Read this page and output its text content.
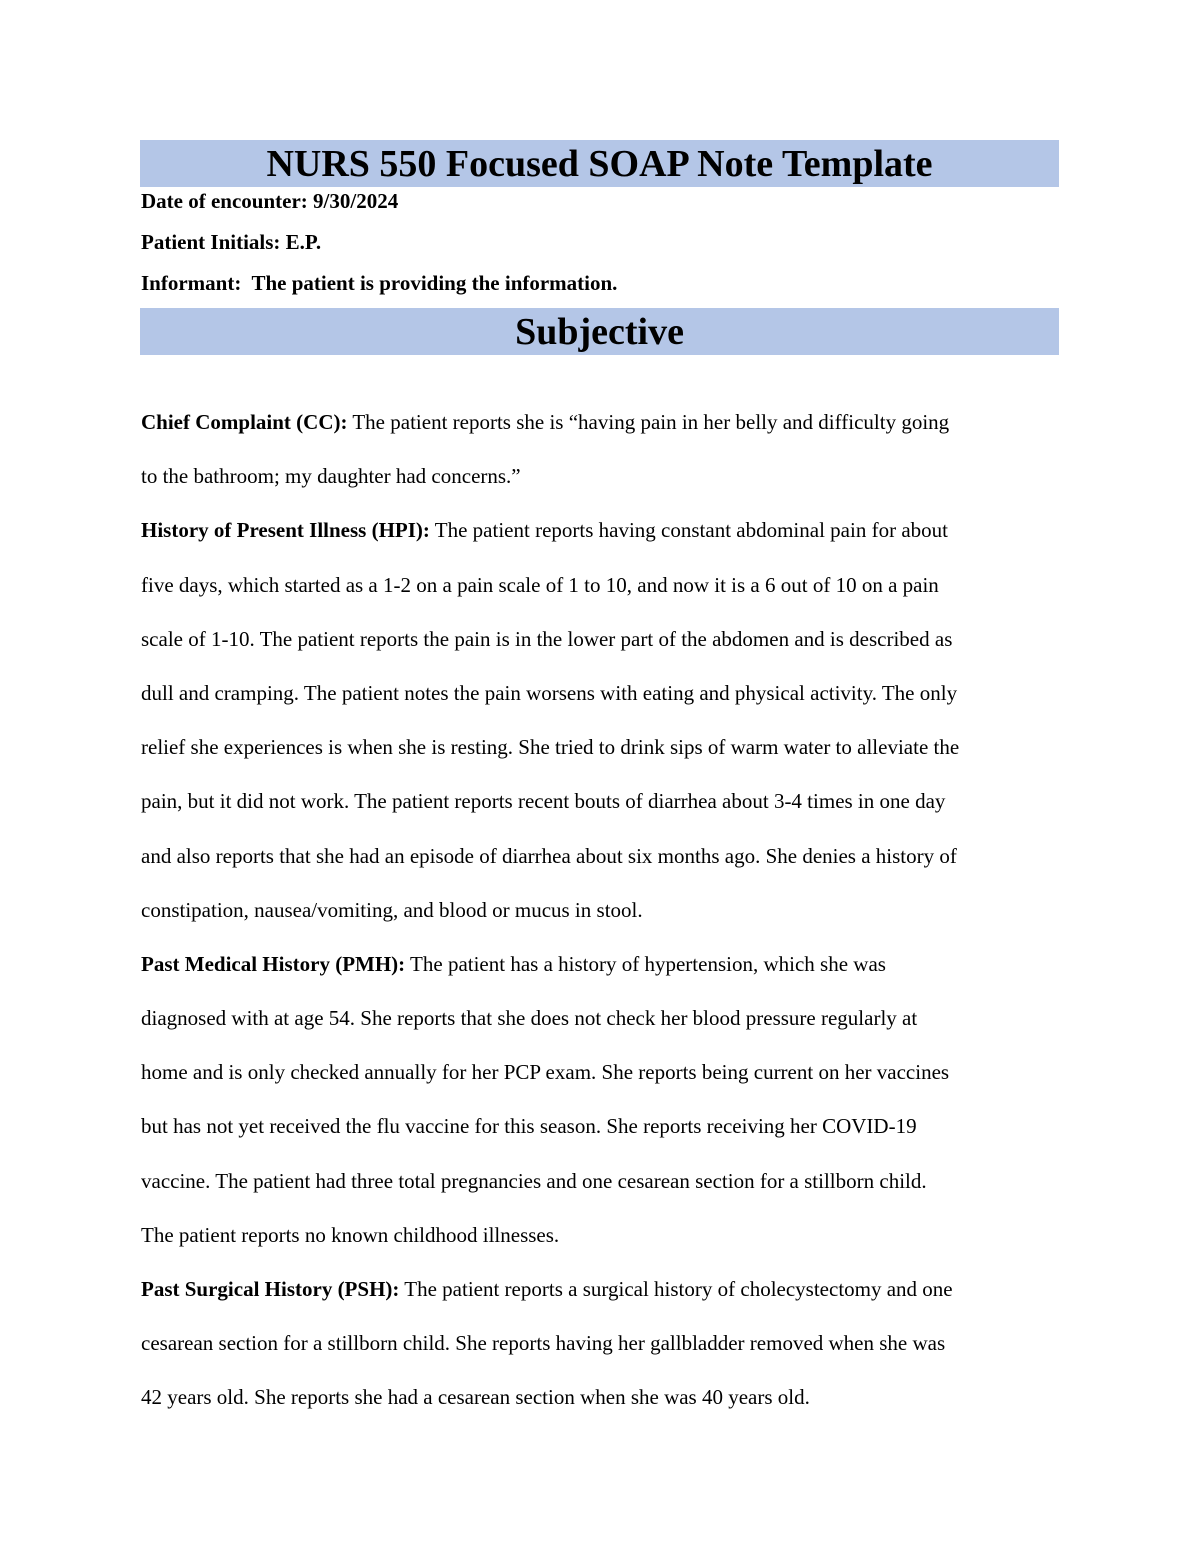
NURS 550 Focused SOAP Note Template
Date of encounter: 9/30/2024
Patient Initials: E.P.
Informant: The patient is providing the information.
Subjective
Chief Complaint (CC): The patient reports she is “having pain in her belly and difficulty going
to the bathroom; my daughter had concerns.”
History of Present Illness (HPI): The patient reports having constant abdominal pain for about
five days, which started as a 1-2 on a pain scale of 1 to 10, and now it is a 6 out of 10 on a pain
scale of 1-10. The patient reports the pain is in the lower part of the abdomen and is described as
dull and cramping. The patient notes the pain worsens with eating and physical activity. The only
relief she experiences is when she is resting. She tried to drink sips of warm water to alleviate the
pain, but it did not work. The patient reports recent bouts of diarrhea about 3-4 times in one day
and also reports that she had an episode of diarrhea about six months ago. She denies a history of
constipation, nausea/vomiting, and blood or mucus in stool.
Past Medical History (PMH): The patient has a history of hypertension, which she was
diagnosed with at age 54. She reports that she does not check her blood pressure regularly at
home and is only checked annually for her PCP exam. She reports being current on her vaccines
but has not yet received the flu vaccine for this season. She reports receiving her COVID-19
vaccine. The patient had three total pregnancies and one cesarean section for a stillborn child.
The patient reports no known childhood illnesses.
Past Surgical History (PSH): The patient reports a surgical history of cholecystectomy and one
cesarean section for a stillborn child. She reports having her gallbladder removed when she was
42 years old. She reports she had a cesarean section when she was 40 years old.
